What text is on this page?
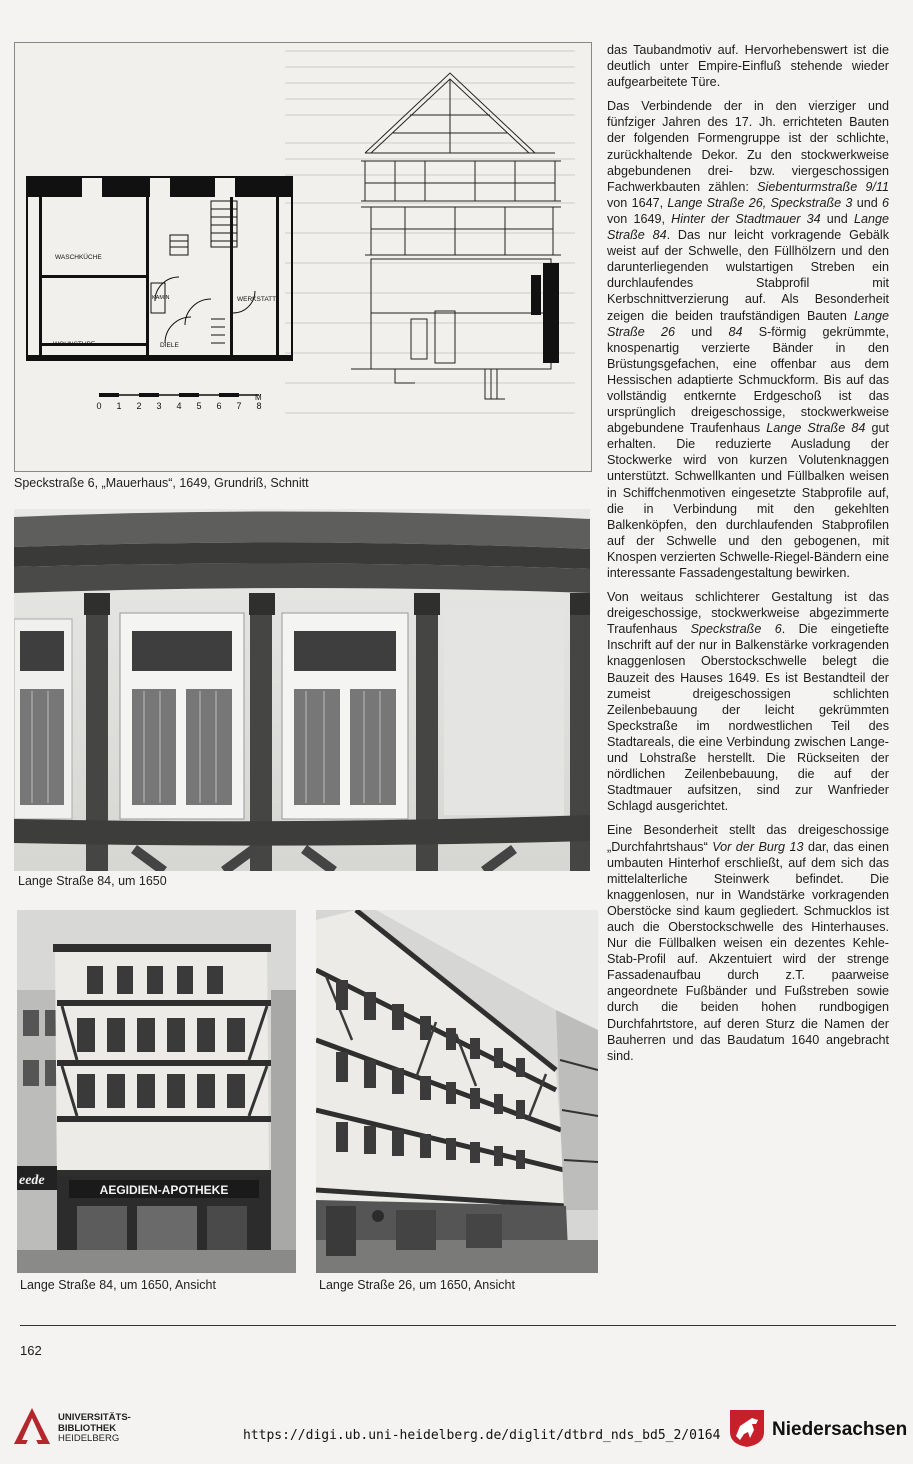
WASCHKÜCHE
KAMIN	WERKSTATT
WOHNSTUBE	DIELE
0 1 2 3 4 5 6 7 8
M
Speckstraße 6, „Mauerhaus“, 1649, Grundriß, Schnitt
Lange Straße 84, um 1650
AEGIDIEN-APOTHEKE
eede
Lange Straße 84, um 1650, Ansicht	Lange Straße 26, um 1650, Ansicht

das Taubandmotiv auf. Hervorhebenswert ist die deutlich unter Empire-Einfluß stehende wieder aufgearbeitete Türe.

Das Verbindende der in den vierziger und fünfziger Jahren des 17. Jh. errichteten Bauten der folgenden Formengruppe ist der schlichte, zurückhaltende Dekor. Zu den stockwerkweise abgebundenen drei- bzw. viergeschossigen Fachwerkbauten zählen: Siebenturmstraße 9/11 von 1647, Lange Straße 26, Speckstraße 3 und 6 von 1649, Hinter der Stadtmauer 34 und Lange Straße 84. Das nur leicht vorkragende Gebälk weist auf der Schwelle, den Füllhölzern und den darunterliegenden wulstartigen Streben ein durchlaufendes Stabprofil mit Kerbschnittverzierung auf. Als Besonderheit zeigen die beiden traufständigen Bauten Lange Straße 26 und 84 S-förmig gekrümmte, knospenartig verzierte Bänder in den Brüstungsgefachen, eine offenbar aus dem Hessischen adaptierte Schmuckform. Bis auf das vollständig entkernte Erdgeschoß ist das ursprünglich dreigeschossige, stockwerkweise abgebundene Traufenhaus Lange Straße 84 gut erhalten. Die reduzierte Ausladung der Stockwerke wird von kurzen Volutenknaggen unterstützt. Schwellkanten und Füllbalken weisen in Schiffchenmotiven eingesetzte Stabprofile auf, die in Verbindung mit den gekehlten Balkenköpfen, den durchlaufenden Stabprofilen auf der Schwelle und den gebogenen, mit Knospen verzierten Schwelle-Riegel-Bändern eine interessante Fassadengestaltung bewirken.

Von weitaus schlichterer Gestaltung ist das dreigeschossige, stockwerkweise abgezimmerte Traufenhaus Speckstraße 6. Die eingetiefte Inschrift auf der nur in Balkenstärke vorkragenden knaggenlosen Oberstockschwelle belegt die Bauzeit des Hauses 1649. Es ist Bestandteil der zumeist dreigeschossigen schlichten Zeilenbebauung der leicht gekrümmten Speckstraße im nordwestlichen Teil des Stadtareals, die eine Verbindung zwischen Lange- und Lohstraße herstellt. Die Rückseiten der nördlichen Zeilenbebauung, die auf der Stadtmauer aufsitzen, sind zur Wanfrieder Schlagd ausgerichtet.

Eine Besonderheit stellt das dreigeschossige „Durchfahrtshaus“ Vor der Burg 13 dar, das einen umbauten Hinterhof erschließt, auf dem sich das mittelalterliche Steinwerk befindet. Die knaggenlosen, nur in Wandstärke vorkragenden Oberstöcke sind kaum gegliedert. Schmucklos ist auch die Oberstockschwelle des Hinterhauses. Nur die Füllbalken weisen ein dezentes Kehle-Stab-Profil auf. Akzentuiert wird der strenge Fassadenaufbau durch z.T. paarweise angeordnete Fußbänder und Fußstreben sowie durch die beiden hohen rundbogigen Durchfahrtstore, auf deren Sturz die Namen der Bauherren und das Baudatum 1640 angebracht sind.

162
UNIVERSITÄTS-
BIBLIOTHEK
HEIDELBERG	https://digi.ub.uni-heidelberg.de/diglit/dtbrd_nds_bd5_2/0164	Niedersachsen
